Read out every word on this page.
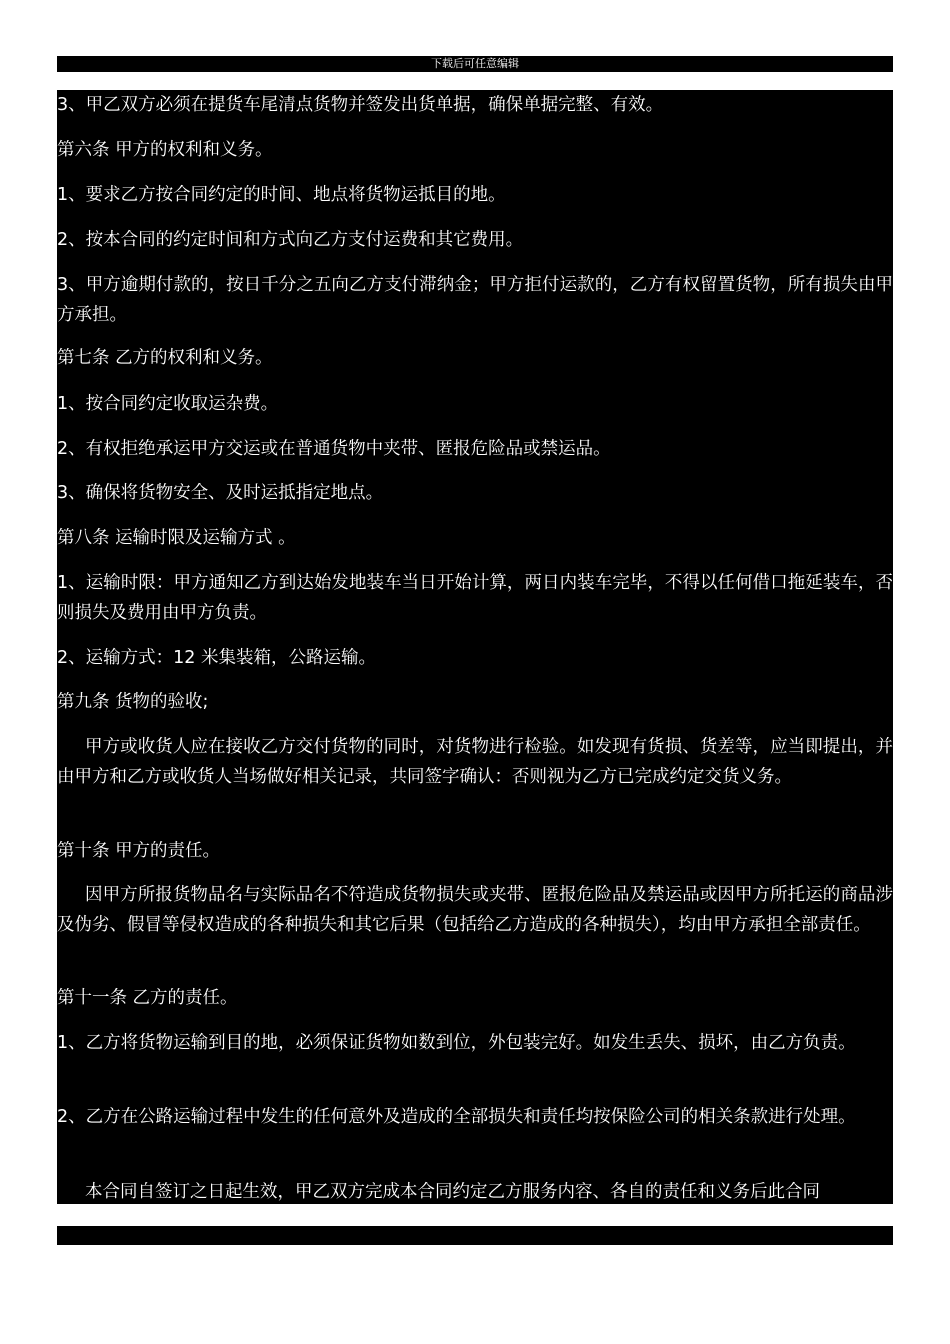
下载后可任意编辑
3、甲乙双方必须在提货车尾清点货物并签发出货单据，确保单据完整、有效。
第六条 甲方的权利和义务。
1、要求乙方按合同约定的时间、地点将货物运抵目的地。
2、按本合同的约定时间和方式向乙方支付运费和其它费用。
3、甲方逾期付款的，按日千分之五向乙方支付滞纳金；甲方拒付运款的，乙方有权留置货物，所有损失由甲方承担。
第七条 乙方的权利和义务。
1、按合同约定收取运杂费。
2、有权拒绝承运甲方交运或在普通货物中夹带、匿报危险品或禁运品。
3、确保将货物安全、及时运抵指定地点。
第八条 运输时限及运输方式 。
1、运输时限：甲方通知乙方到达始发地装车当日开始计算，两日内装车完毕，不得以任何借口拖延装车，否则损失及费用由甲方负责。
2、运输方式：12 米集装箱，公路运输。
第九条 货物的验收;
甲方或收货人应在接收乙方交付货物的同时，对货物进行检验。如发现有货损、货差等，应当即提出，并由甲方和乙方或收货人当场做好相关记录，共同签字确认：否则视为乙方已完成约定交货义务。
第十条 甲方的责任。
因甲方所报货物品名与实际品名不符造成货物损失或夹带、匿报危险品及禁运品或因甲方所托运的商品涉及伪劣、假冒等侵权造成的各种损失和其它后果（包括给乙方造成的各种损失），均由甲方承担全部责任。
第十一条 乙方的责任。
1、乙方将货物运输到目的地，必须保证货物如数到位，外包装完好。如发生丢失、损坏，由乙方负责。
2、乙方在公路运输过程中发生的任何意外及造成的全部损失和责任均按保险公司的相关条款进行处理。
本合同自签订之日起生效，甲乙双方完成本合同约定乙方服务内容、各自的责任和义务后此合同
